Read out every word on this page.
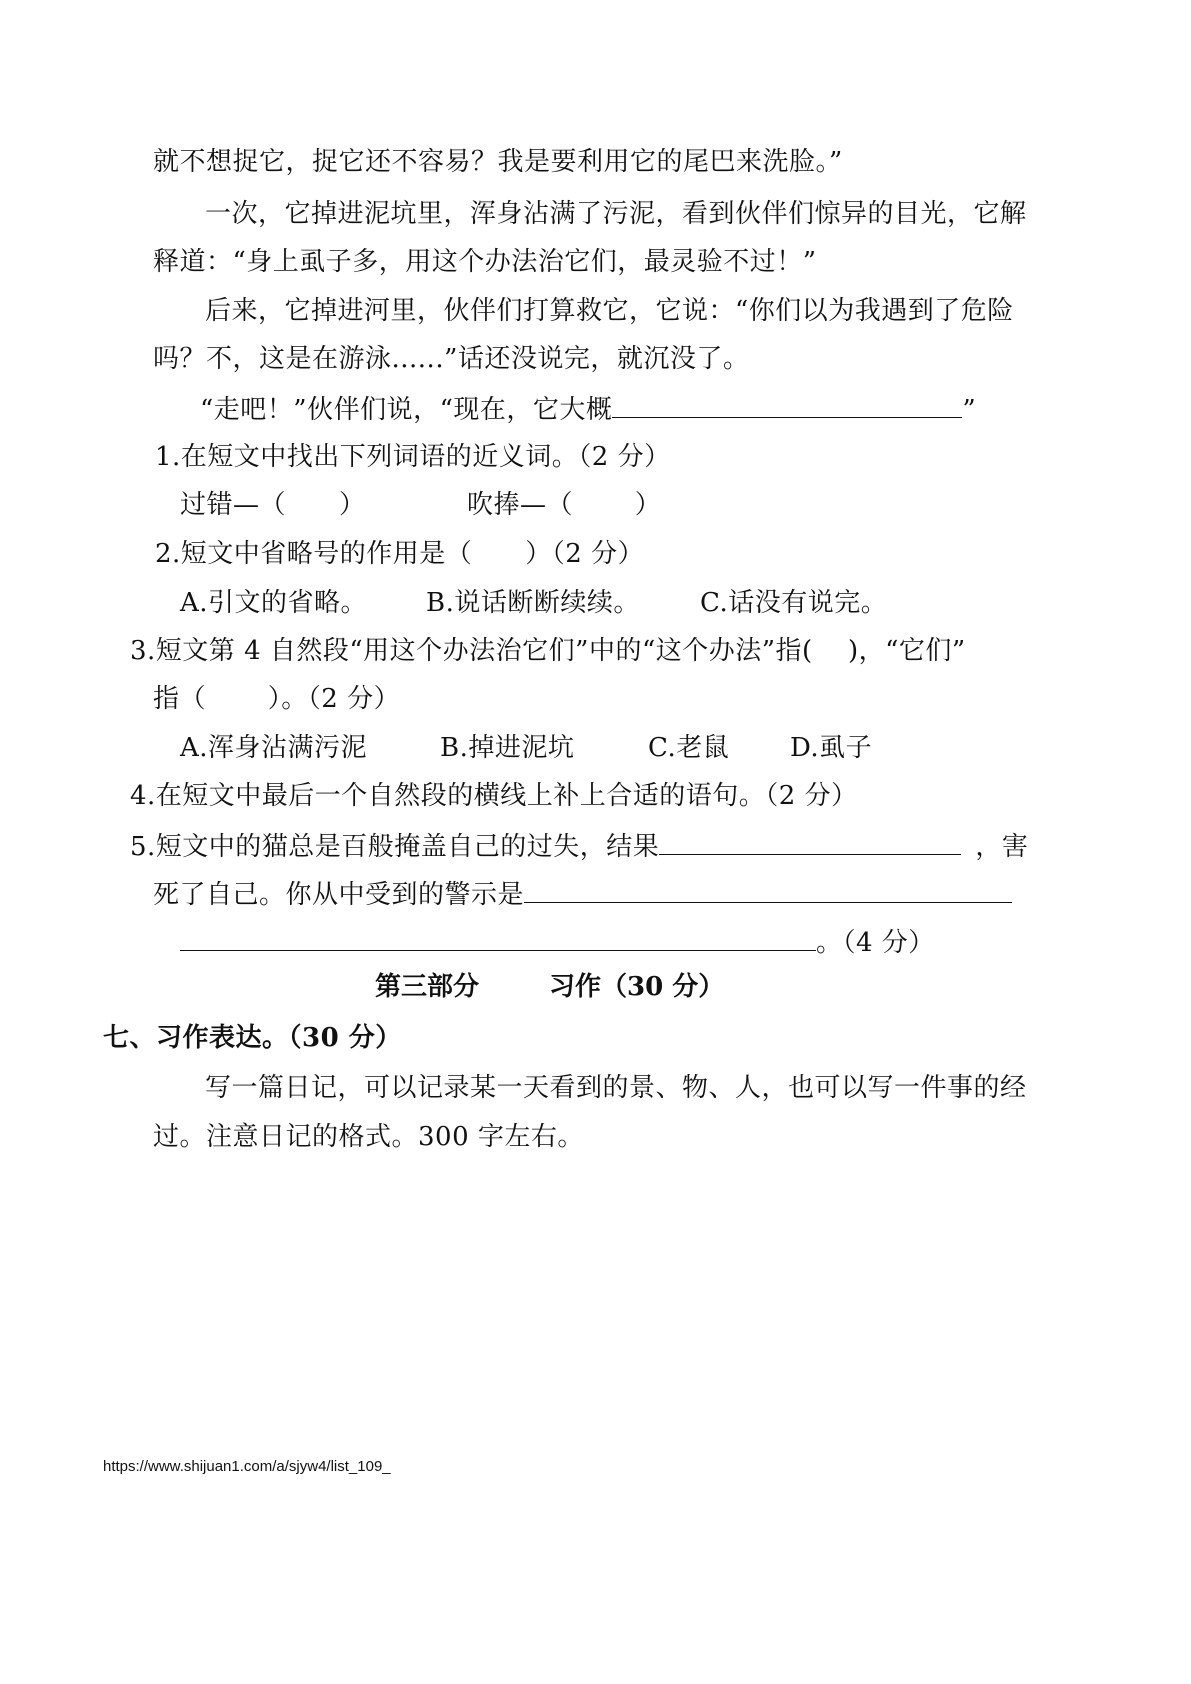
就不想捉它，捉它还不容易？我是要利用它的尾巴来洗脸。”
一次，它掉进泥坑里，浑身沾满了污泥，看到伙伴们惊异的目光，它解
释道：“身上虱子多，用这个办法治它们，最灵验不过！”
后来，它掉进河里，伙伴们打算救它，它说：“你们以为我遇到了危险
吗？不，这是在游泳......”话还没说完，就沉没了。
“走吧！”伙伴们说，“现在，它大概	”
1.在短文中找出下列词语的近义词。（2 分）
过错—（　　）	吹捧—（　　 ）
2.短文中省略号的作用是（　　）（2 分）
A.引文的省略。 B.说话断断续续。 C.话没有说完。
3.短文第 4 自然段“用这个办法治它们”中的“这个办法”指(　 )，“它们”
指（　　 ）。（2 分）
A.浑身沾满污泥	B.掉进泥坑	C.老鼠 D.虱子
4.在短文中最后一个自然段的横线上补上合适的语句。（2 分）
5.短文中的猫总是百般掩盖自己的过失，结果	，害
死了自己。你从中受到的警示是
。（4 分）
第三部分	习作（30 分）
七、习作表达。（30 分）
写一篇日记，可以记录某一天看到的景、物、人，也可以写一件事的经
过。注意日记的格式。300 字左右。
https://www.shijuan1.com/a/sjyw4/list_109_
